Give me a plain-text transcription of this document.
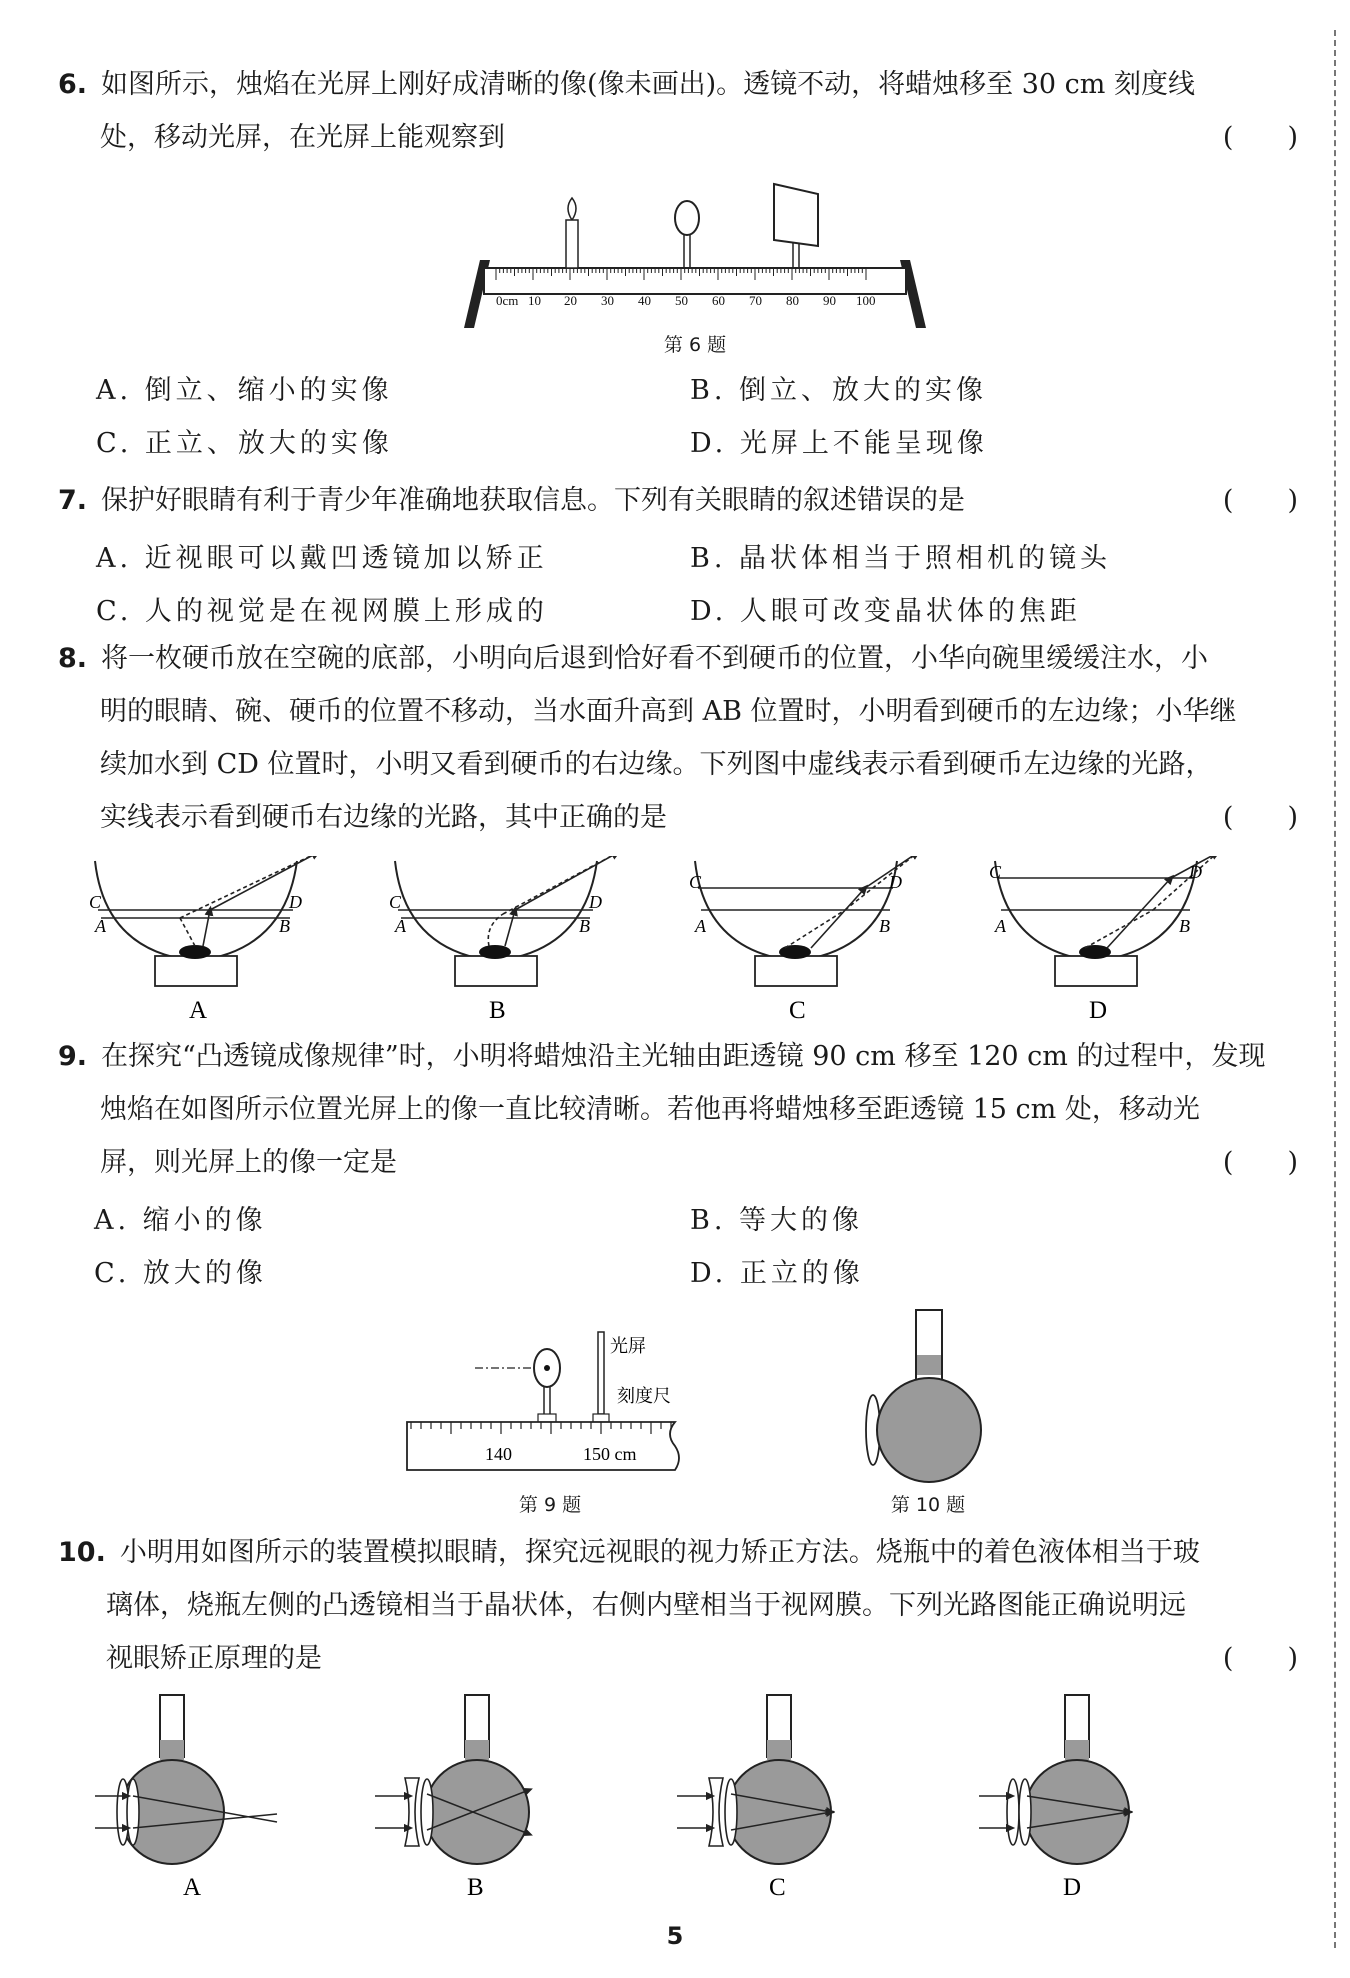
6. 如图所示，烛焰在光屏上刚好成清晰的像(像未画出)。透镜不动，将蜡烛移至 30 cm 刻度线
处，移动光屏，在光屏上能观察到	(　　)
0cm 10 20 30 40 50 60 70 80 90 100
第 6 题
A. 倒立、缩小的实像	B. 倒立、放大的实像
C. 正立、放大的实像	D. 光屏上不能呈现像
7. 保护好眼睛有利于青少年准确地获取信息。下列有关眼睛的叙述错误的是	(　　)
A. 近视眼可以戴凹透镜加以矫正	B. 晶状体相当于照相机的镜头
C. 人的视觉是在视网膜上形成的	D. 人眼可改变晶状体的焦距
8. 将一枚硬币放在空碗的底部，小明向后退到恰好看不到硬币的位置，小华向碗里缓缓注水，小
明的眼睛、碗、硬币的位置不移动，当水面升高到 AB 位置时，小明看到硬币的左边缘；小华继
续加水到 CD 位置时，小明又看到硬币的右边缘。下列图中虚线表示看到硬币左边缘的光路，
实线表示看到硬币右边缘的光路，其中正确的是	(　　)
C
A
D
B
A
C
A
D
B
B
C
A
D
B
C
C
A
D
B
D
9. 在探究“凸透镜成像规律”时，小明将蜡烛沿主光轴由距透镜 90 cm 移至 120 cm 的过程中，发现
烛焰在如图所示位置光屏上的像一直比较清晰。若他再将蜡烛移至距透镜 15 cm 处，移动光
屏，则光屏上的像一定是	(　　)
A. 缩小的像	B. 等大的像
C. 放大的像	D. 正立的像
光屏
刻度尺
140	150 cm
第 9 题	第 10 题
10. 小明用如图所示的装置模拟眼睛，探究远视眼的视力矫正方法。烧瓶中的着色液体相当于玻
璃体，烧瓶左侧的凸透镜相当于晶状体，右侧内壁相当于视网膜。下列光路图能正确说明远
视眼矫正原理的是	(　　)
A	B	C	D
5
